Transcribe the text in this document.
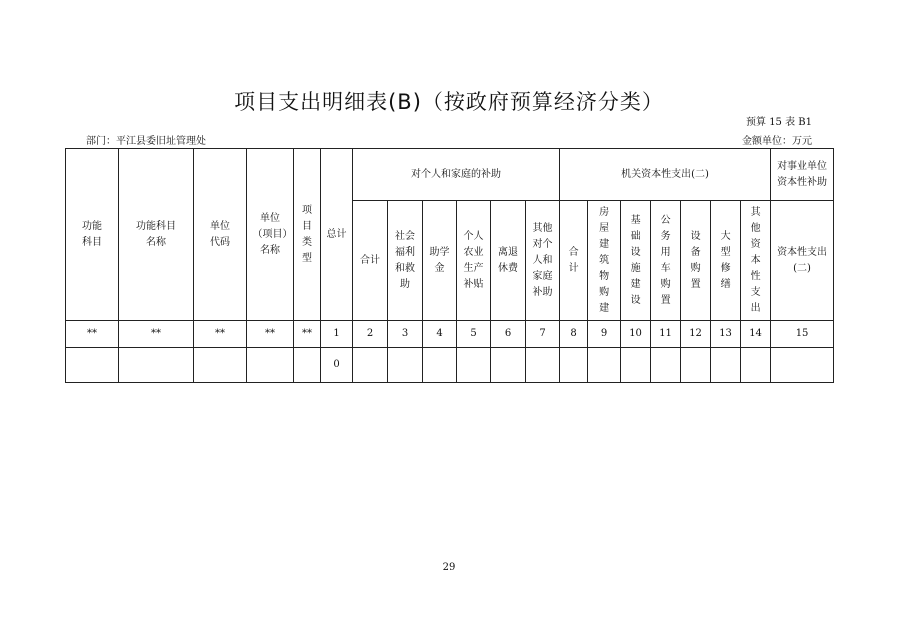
项目支出明细表(B)（按政府预算经济分类）
预算 15 表 B1
部门：平江县委旧址管理处	金额单位：万元
功能科目	功能科目名称	单位代码	单位（项目）名称	项目类型	总计	对个人和家庭的补助						机关资本性支出(二)							对事业单位资本性补助
						合计	社会福利和救助	助学金	个人农业生产补贴	离退休费	其他对个人和家庭补助	合计	房屋建筑物购建	基础设施建设	公务用车购置	设备购置	大型修缮	其他资本性支出	资本性支出(二)
**	**	**	**	**	1	2	3	4	5	6	7	8	9	10	11	12	13	14	15
					0														
29
